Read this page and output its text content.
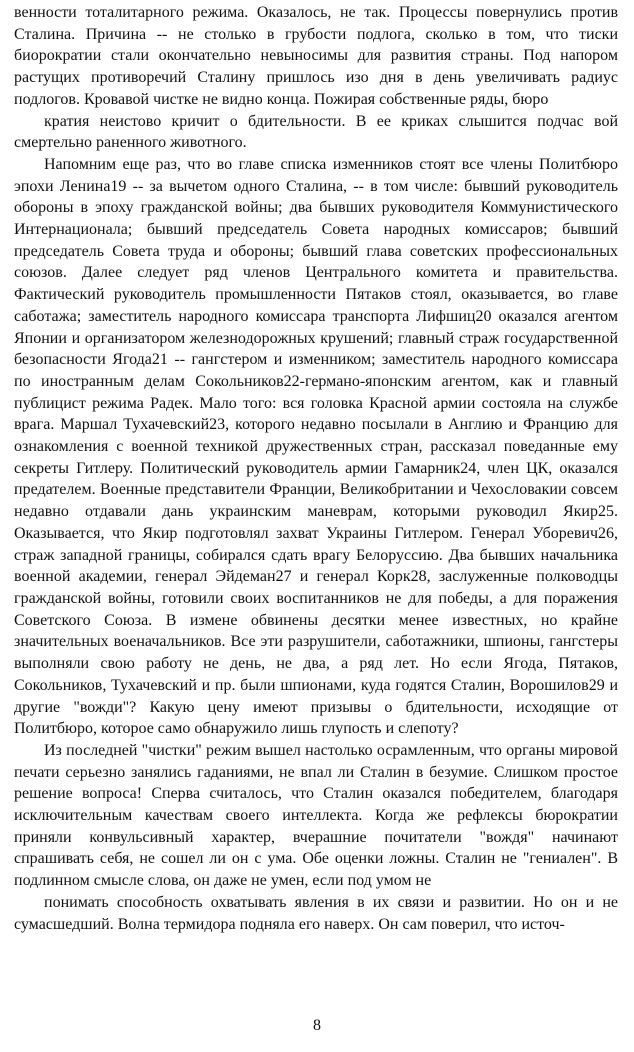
венности тоталитарного режима. Оказалось, не так. Процессы повернулись против Сталина. Причина -- не столько в грубости подлога, сколько в том, что тиски биорократии стали окончательно невыносимы для развития страны. Под напором растущих противоречий Сталину пришлось изо дня в день увеличивать радиус подлогов. Кровавой чистке не видно конца. Пожирая собственные ряды, бюро

кратия неистово кричит о бдительности. В ее криках слышится подчас вой смертельно раненного животного.

Напомним еще раз, что во главе списка изменников стоят все члены Политбюро эпохи Ленина19 -- за вычетом одного Сталина, -- в том числе: бывший руководитель обороны в эпоху гражданской войны; два бывших руководителя Коммунистического Интернационала; бывший председатель Совета народных комиссаров; бывший председатель Совета труда и обороны; бывший глава советских профессиональных союзов. Далее следует ряд членов Центрального комитета и правительства. Фактический руководитель промышленности Пятаков стоял, оказывается, во главе саботажа; заместитель народного комиссара транспорта Лифшиц20 оказался агентом Японии и организатором железнодорожных крушений; главный страж государственной безопасности Ягода21 -- гангстером и изменником; заместитель народного комиссара по иностранным делам Сокольников22-германо-японским агентом, как и главный публицист режима Радек. Мало того: вся головка Красной армии состояла на службе врага. Маршал Тухачевский23, которого недавно посылали в Англию и Францию для ознакомления с военной техникой дружественных стран, рассказал поведанные ему секреты Гитлеру. Политический руководитель армии Гамарник24, член ЦК, оказался предателем. Военные представители Франции, Великобритании и Чехословакии совсем недавно отдавали дань украинским маневрам, которыми руководил Якир25. Оказывается, что Якир подготовлял захват Украины Гитлером. Генерал Уборевич26, страж западной границы, собирался сдать врагу Белоруссию. Два бывших начальника военной академии, генерал Эйдеман27 и генерал Корк28, заслуженные полководцы гражданской войны, готовили своих воспитанников не для победы, а для поражения Советского Союза. В измене обвинены десятки менее известных, но крайне значительных военачальников. Все эти разрушители, саботажники, шпионы, гангстеры выполняли свою работу не день, не два, а ряд лет. Но если Ягода, Пятаков, Сокольников, Тухачевский и пр. были шпионами, куда годятся Сталин, Ворошилов29 и другие "вожди"? Какую цену имеют призывы о бдительности, исходящие от Политбюро, которое само обнаружило лишь глупость и слепоту?

Из последней "чистки" режим вышел настолько осрамленным, что органы мировой печати серьезно занялись гаданиями, не впал ли Сталин в безумие. Слишком простое решение вопроса! Сперва считалось, что Сталин оказался победителем, благодаря исключительным качествам своего интеллекта. Когда же рефлексы бюрократии приняли конвульсивный характер, вчерашние почитатели "вождя" начинают спрашивать себя, не сошел ли он с ума. Обе оценки ложны. Сталин не "гениален". В подлинном смысле слова, он даже не умен, если под умом не

понимать способность охватывать явления в их связи и развитии. Но он и не сумасшедший. Волна термидора подняла его наверх. Он сам поверил, что источ-

8
